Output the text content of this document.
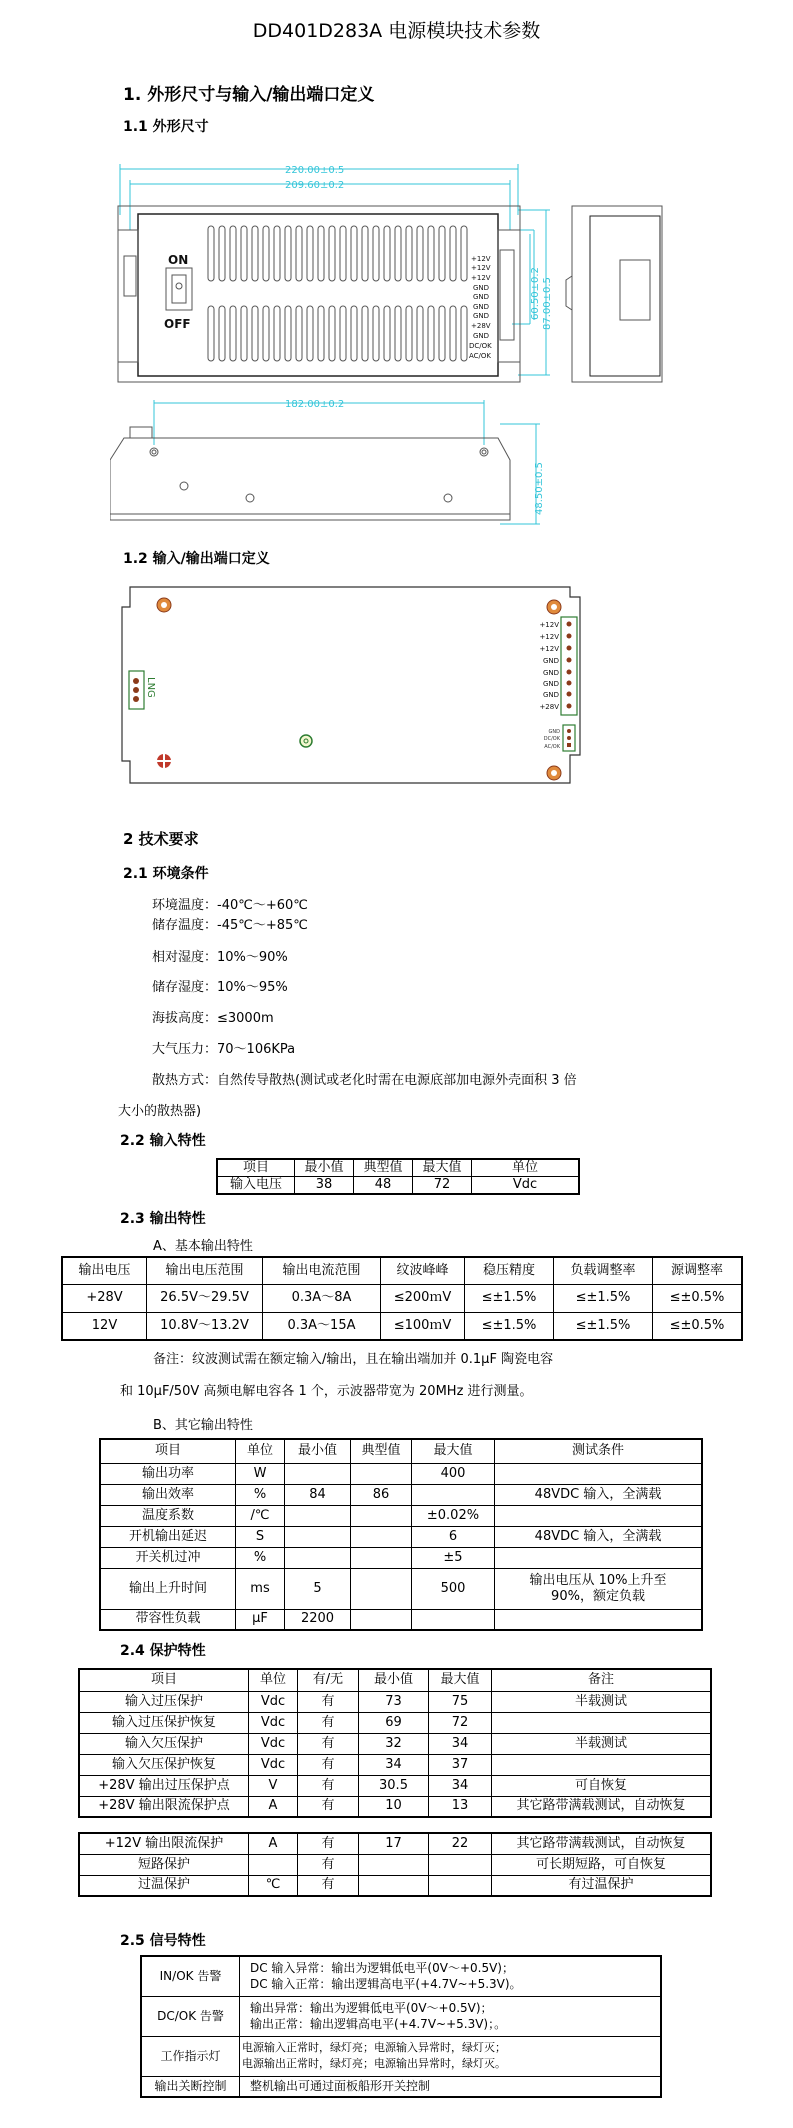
DD401D283A 电源模块技术参数
1. 外形尺寸与输入/输出端口定义
1.1 外形尺寸
220.00±0.5
209.60±0.2
182.00±0.2
60.50±0.2 87.00±0.5
48.50±0.5
ON
OFF
+12V
+12V
+12V
GND
GND
GND
GND
+28V
GND
DC/OK
AC/OK
1.2 输入/输出端口定义
LNG
+12V
+12V
+12V
GND
GND
GND
GND
+28V
GND
DC/OK
AC/OK
2 技术要求
2.1 环境条件
环境温度：-40℃～+60℃
储存温度：-45℃～+85℃
相对湿度：10%～90%
储存湿度：10%～95%
海拔高度：≤3000m
大气压力：70～106KPa
散热方式：自然传导散热(测试或老化时需在电源底部加电源外壳面积 3 倍
大小的散热器)
2.2 输入特性
项目	最小值	典型值	最大值	单位
输入电压	38	48	72	Vdc
2.3 输出特性
A、基本输出特性
输出电压	输出电压范围	输出电流范围	纹波峰峰	稳压精度	负载调整率	源调整率
+28V	26.5V～29.5V	0.3A～8A	≤200ｍV	≤±1.5%	≤±1.5%	≤±0.5%
12V	10.8V～13.2V	0.3A～15A	≤100ｍV	≤±1.5%	≤±1.5%	≤±0.5%
备注：纹波测试需在额定输入/输出，且在输出端加并 0.1μF 陶瓷电容
和 10μF/50V 高频电解电容各 1 个，示波器带宽为 20MHz 进行测量。
B、其它输出特性
项目	单位	最小值	典型值	最大值	测试条件
输出功率	W			400	
输出效率	%	84	86		48VDC 输入，全满载
温度系数	/℃			±0.02%	
开机输出延迟	S			6	48VDC 输入，全满载
开关机过冲	%			±5	
输出上升时间	ms	5		500	输出电压从 10%上升至 90%，额定负载
带容性负载	μF	2200			
2.4 保护特性
项目	单位	有/无	最小值	最大值	备注
输入过压保护	Vdc	有	73	75	半载测试
输入过压保护恢复	Vdc	有	69	72	
输入欠压保护	Vdc	有	32	34	半载测试
输入欠压保护恢复	Vdc	有	34	37	
+28V 输出过压保护点	V	有	30.5	34	可自恢复
+28V 输出限流保护点	A	有	10	13	其它路带满载测试，自动恢复
+12V 输出限流保护	A	有	17	22	其它路带满载测试，自动恢复
短路保护		有			可长期短路，可自恢复
过温保护	℃	有			有过温保护
2.5 信号特性
IN/OK 告警	DC 输入异常：输出为逻辑低电平(0V～+0.5V)；
DC 输入正常：输出逻辑高电平(+4.7V~+5.3V)。

DC/OK 告警	输出异常：输出为逻辑低电平(0V～+0.5V)；
输出正常：输出逻辑高电平(+4.7V~+5.3V)；。

工作指示灯	电源输入正常时，绿灯亮；电源输入异常时，绿灯灭；
电源输出正常时，绿灯亮；电源输出异常时，绿灯灭。

输出关断控制	整机输出可通过面板船形开关控制
